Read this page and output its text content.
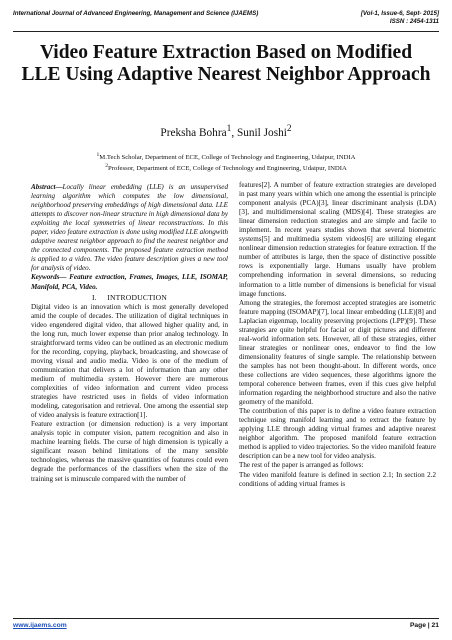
International Journal of Advanced Engineering, Management and Science (IJAEMS)	[Vol-1, Issue-6, Sept- 2015]
ISSN : 2454-1311
Video Feature Extraction Based on Modified LLE Using Adaptive Nearest Neighbor Approach
Preksha Bohra$^1$, Sunil Joshi$^2$
$^1$M.Tech Scholar, Department of ECE, College of Technology and Engineering, Udaipur, INDIA
$^2$Professor, Department of ECE, College of Technology and Engineering, Udaipur, INDIA

Abstract—Locally linear embedding (LLE) is an unsupervised learning algorithm which computes the low dimensional, neighborhood preserving embeddings of high dimensional data. LLE attempts to discover non-linear structure in high dimensional data by exploiting the local symmetries of linear reconstructions. In this paper, video feature extraction is done using modified LLE alongwith adaptive nearest neighbor approach to find the nearest neighbor and the connected components. The proposed feature extraction method is applied to a video. The video feature description gives a new tool for analysis of video.

Keywords— Feature extraction, Frames, Images, LLE, ISOMAP, Manifold, PCA, Video.

I. INTRODUCTION

Digital video is an innovation which is most generally developed amid the couple of decades. The utilization of digital techniques in video engendered digital video, that allowed higher quality and, in the long run, much lower expense than prior analog technology. In straightforward terms video can be outlined as an electronic medium for the recording, copying, playback, broadcasting, and showcase of moving visual and audio media. Video is one of the medium of communication that delivers a lot of information than any other medium of multimedia system. However there are numerous complexities of video information and current video process strategies have restricted uses in fields of video information modeling, categorisation and retrieval. One among the essential step of video analysis is feature extraction[1].

Feature extraction (or dimension reduction) is a very important analysis topic in computer vision, pattern recognition and also in machine learning fields. The curse of high dimension is typically a significant reason behind limitations of the many sensible technologies, whereas the massive quantities of features could even degrade the performances of the classifiers when the size of the training set is minuscule compared with the number of

features[2]. A number of feature extraction strategies are developed in past many years within which one among the essential is principle component analysis (PCA)[3], linear discriminant analysis (LDA)[3], and multidimensional scaling (MDS)[4]. These strategies are linear dimension reduction strategies and are simple and facile to implement. In recent years studies shown that several biometric systems[5] and multimedia system videos[6] are utilizing elegant nonlinear dimension reduction strategies for feature extraction. If the number of attributes is large, then the space of distinctive possible rows is exponentially large. Humans usually have problem comprehending information in several dimensions, so reducing information to a little number of dimensions is beneficial for visual image functions.

Among the strategies, the foremost accepted strategies are isometric feature mapping (ISOMAP)[7], local linear embedding (LLE)[8] and Laplacian eigenmap, locality preserving projections (LPP)[9]. These strategies are quite helpful for facial or digit pictures and different real-world information sets. However, all of these strategies, either linear strategies or nonlinear ones, endeavor to find the low dimensionality features of single sample. The relationship between the samples has not been thought-about. In different words, once these collections are video sequences, these algorithms ignore the temporal coherence between frames, even if this cues give helpful information regarding the neighborhood structure and also the native geometry of the manifold.

The contribution of this paper is to define a video feature extraction technique using manifold learning and to extract the feature by applying LLE through adding virtual frames and adaptive nearest neighbor algorithm. The proposed manifold feature extraction method is applied to video trajectories. So the video manifold feature description can be a new tool for video analysis.

The rest of the paper is arranged as follows:

The video manifold feature is defined in section 2.1; In section 2.2 conditions of adding virtual frames is

www.ijaems.com	Page | 21
